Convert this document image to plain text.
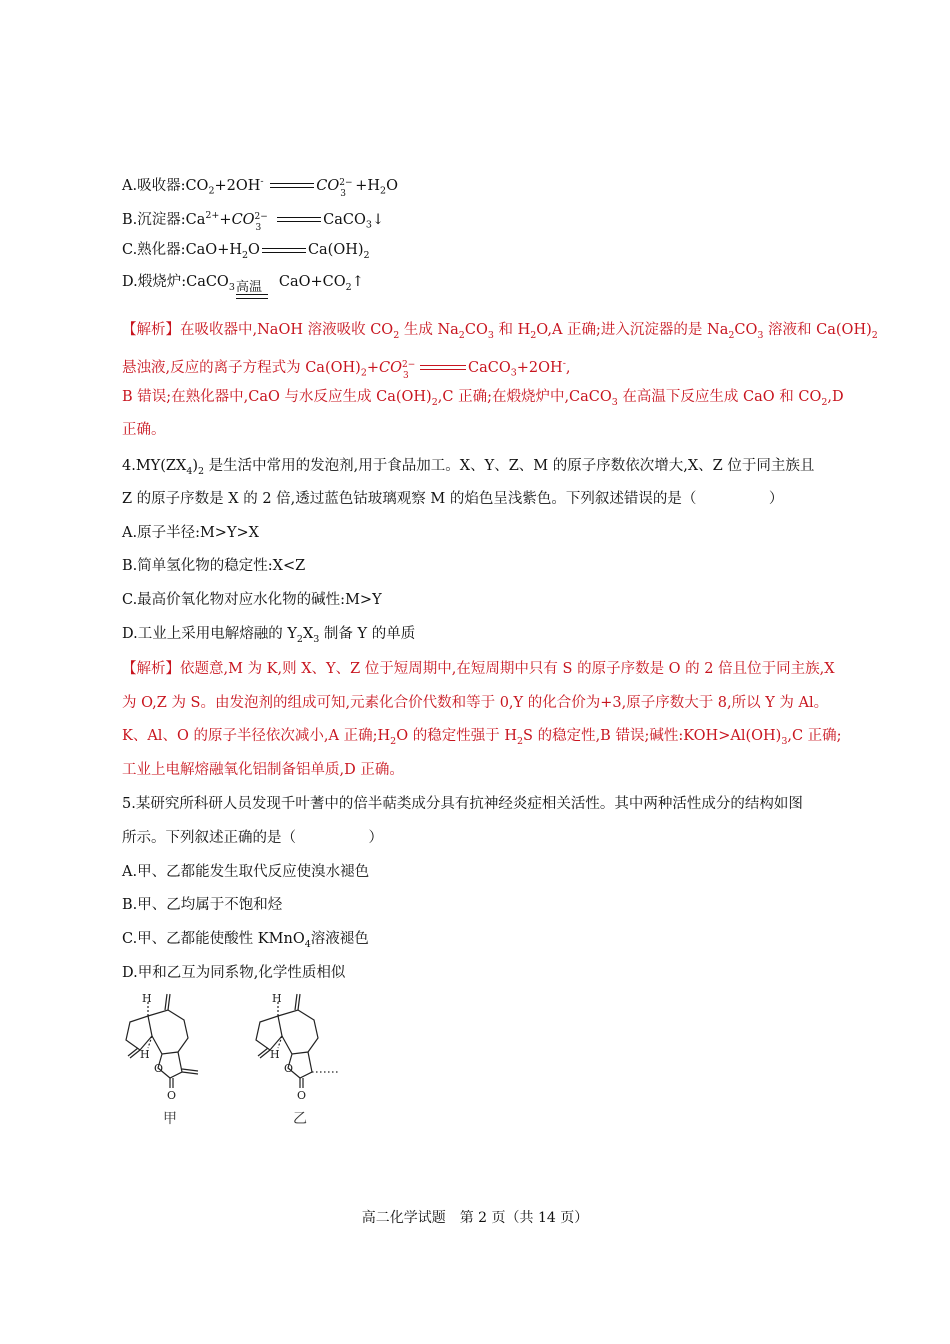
A.吸收器$:CO_2+2OH^-$	CO 2−
$3 +H_2O$
B.沉淀器$:Ca^{2+}+CO$ 2−
3	CaCO$_3$↓
C.熟化器$:CaO+H_2O$	$Ca(OH)_2$
D.煅烧炉:CaCO$_3$	$CaO+CO_2↑$
高温
【解析】在吸收器中,NaOH 溶液吸收 $CO_2$ 生成 $Na_2CO_3$ 和 $H_2O,A$ 正确;进入沉淀器的是 $Na_2CO_3$ 溶液和 $Ca(OH)_2$
悬浊液,反应的离子方程式为 $Ca(OH)_2+CO$ 2−
3	CaCO$_3$+2OH-,
B 错误;在熟化器中,CaO 与水反应生成 $Ca(OH)_2,C$ 正确;在煅烧炉中,CaCO$_3$ 在高温下反应生成 CaO 和 $CO_2,D$
正确。
$4.MY(ZX_4)_2$ 是生活中常用的发泡剂,用于食品加工。X、Y、Z、M 的原子序数依次增大,X、Z 位于同主族且
Z 的原子序数是 X 的 2 倍,透过蓝色钴玻璃观察 M 的焰色呈浅紫色。下列叙述错误的是（　　　　　）
A.原子半径:M>Y>X
B.简单氢化物的稳定性:X<Z
C.最高价氧化物对应水化物的碱性:M>Y
D.工业上采用电解熔融的 $Y_2X_3$ 制备 Y 的单质
【解析】依题意,M 为 K,则 X、Y、Z 位于短周期中,在短周期中只有 S 的原子序数是 O 的 2 倍且位于同主族,X
为 O,Z 为 S。由发泡剂的组成可知,元素化合价代数和等于 0,Y 的化合价为+3,原子序数大于 8,所以 Y 为 Al。
K、Al、O 的原子半径依次减小,A 正确$;H_2O$ 的稳定性强于 $H_2S$ 的稳定性,B 错误;碱性$:KOH>Al(OH)_3,C$ 正确;
工业上电解熔融氧化铝制备铝单质,D 正确。
5.某研究所科研人员发现千叶蓍中的倍半萜类成分具有抗神经炎症相关活性。其中两种活性成分的结构如图
所示。下列叙述正确的是（　　　　　）
A.甲、乙都能发生取代反应使溴水褪色
B.甲、乙均属于不饱和烃
C.甲、乙都能使酸性 KMnO$_4$溶液褪色
D.甲和乙互为同系物,化学性质相似
H
H
O
O
甲
H
H
O
O
乙
高二化学试题　第 2 页（共 14 页）
